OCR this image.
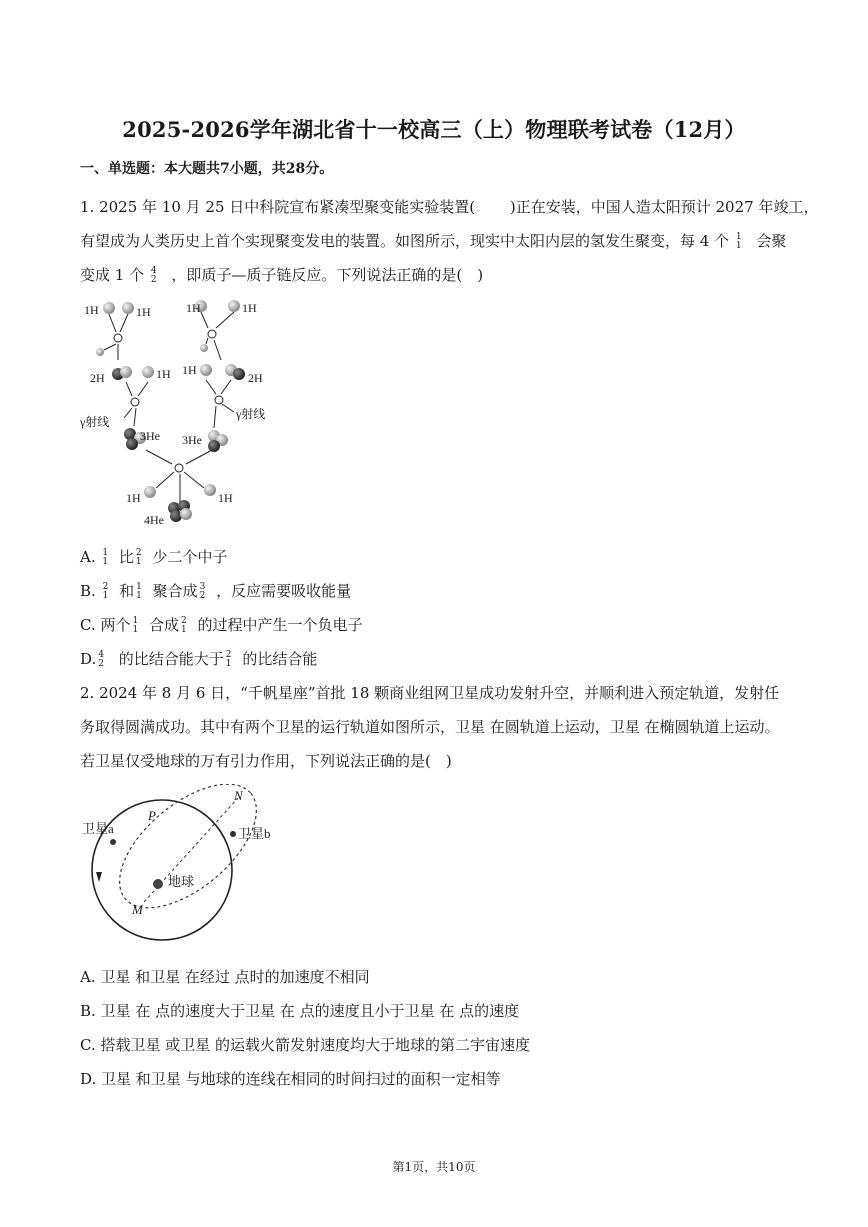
2025-2026学年湖北省十一校高三（上）物理联考试卷（12月）
一、单选题：本大题共7小题，共28分。
1. 2025 年 10 月 25 日中科院宣布紧凑型聚变能实验装置(　　 )正在安装，中国人造太阳预计 2027 年竣工，
有望成为人类历史上首个实现聚变发电的装置。如图所示，现实中太阳内层的氢发生聚变，每 4 个 1
1 会聚
变成 1 个 4
2 ，即质子—质子链反应。下列说法正确的是(　)
1H	1H	1H	1H
2H	1H 1H
2H
γ射线
γ射线
3He 3He
1H	1H
4He
A. 1
1 比 2
1 少二个中子
B. 2
1 和 1
1 聚合成 3
2 ，反应需要吸收能量
C. 两个 1
1 合成 2
1 的过程中产生一个负电子
D. 4
2 的比结合能大于 2
1 的比结合能
2. 2024 年 8 月 6 日，“千帆星座”首批 18 颗商业组网卫星成功发射升空，并顺利进入预定轨道，发射任
务取得圆满成功。其中有两个卫星的运行轨道如图所示，卫星 在圆轨道上运动，卫星 在椭圆轨道上运动。
若卫星仅受地球的万有引力作用，下列说法正确的是(　)
卫星a	卫星b
地球
P
N
M
A. 卫星 和卫星 在经过 点时的加速度不相同
B. 卫星 在 点的速度大于卫星 在 点的速度且小于卫星 在 点的速度
C. 搭载卫星 或卫星 的运载火箭发射速度均大于地球的第二宇宙速度
D. 卫星 和卫星 与地球的连线在相同的时间扫过的面积一定相等
第1页，共10页
